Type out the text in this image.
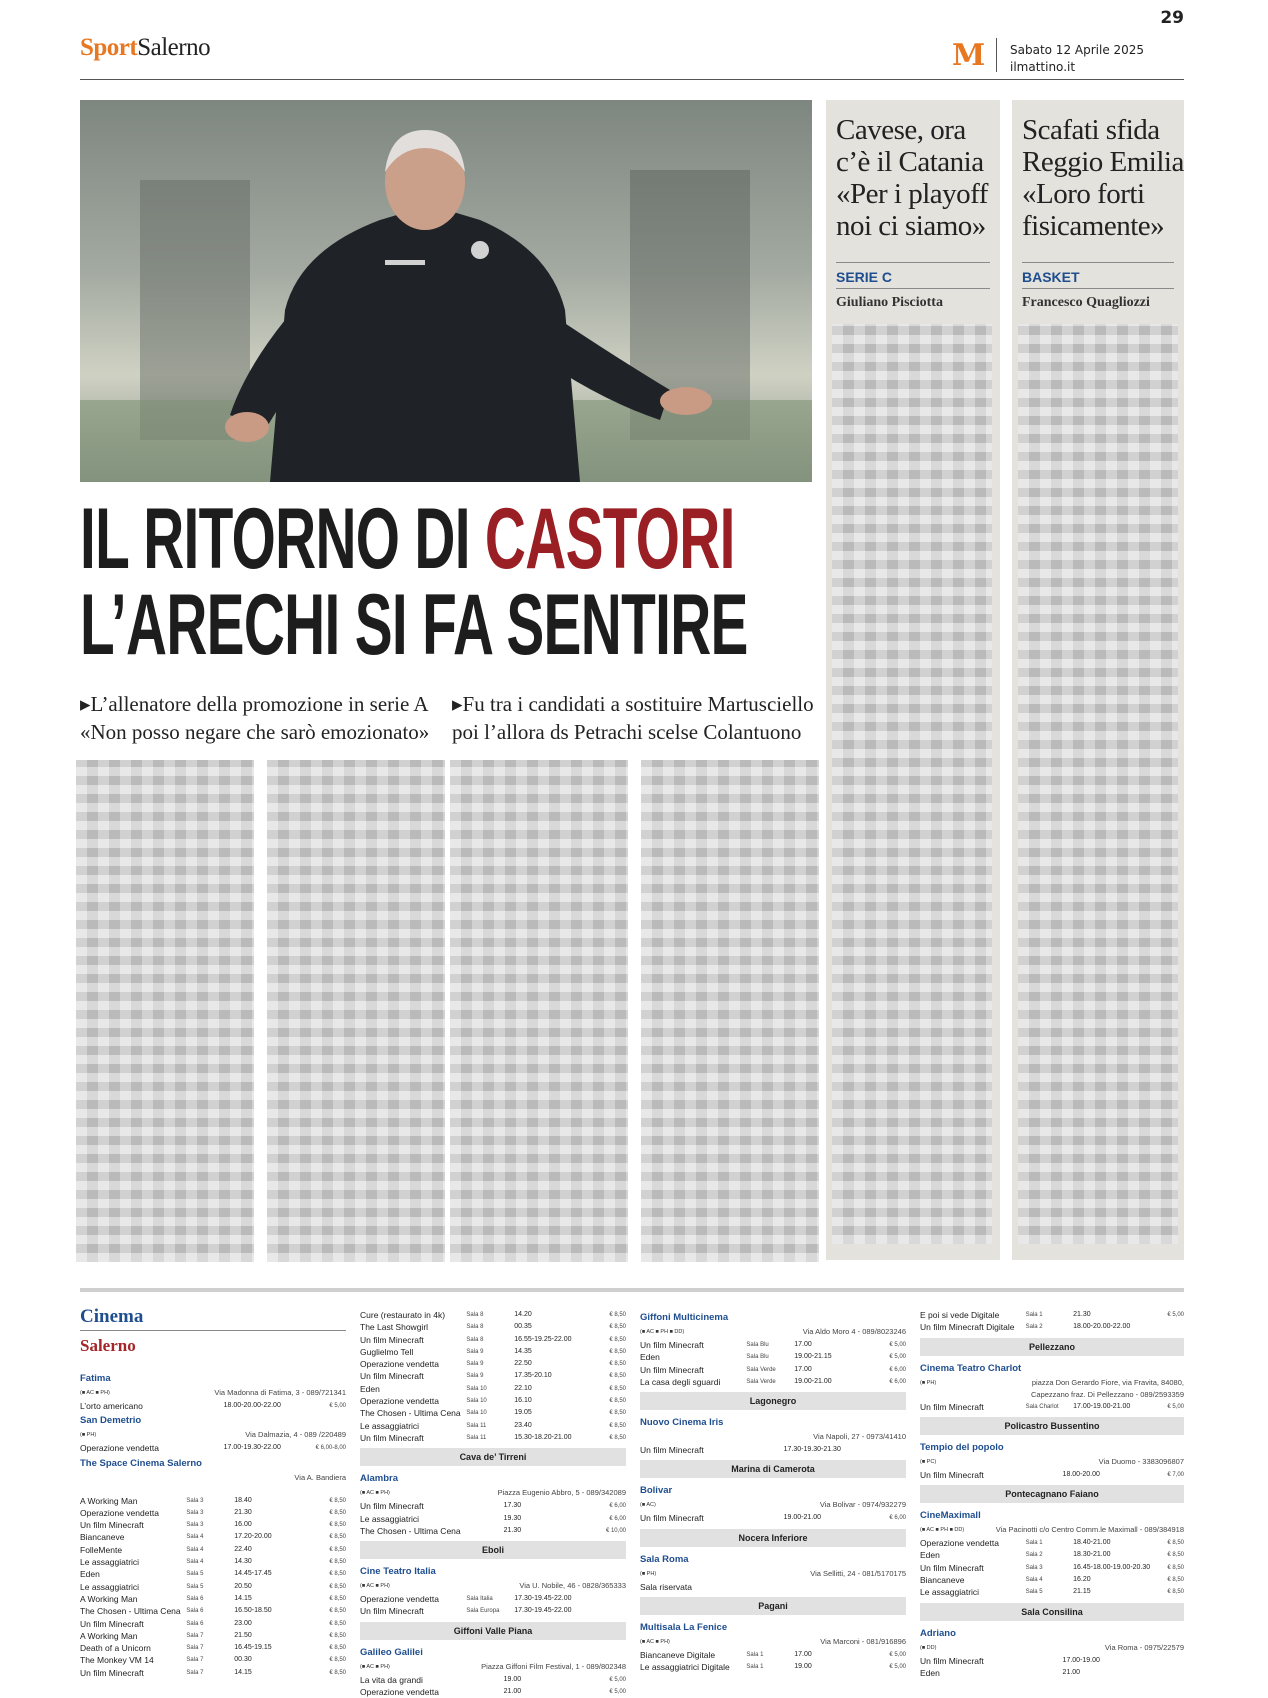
29
SportSalerno	M Sabato 12 Aprile 2025
ilmattino.it
IL RITORNO DI CASTORI
L’ARECHI SI FA SENTIRE
▸L’allenatore della promozione in serie A
«Non posso negare che sarò emozionato»
▸Fu tra i candidati a sostituire Martusciello
poi l’allora ds Petrachi scelse Colantuono
Cavese, ora
c’è il Catania
«Per i playoff
noi ci siamo»
SERIE C
Giuliano Pisciotta
Scafati sfida
Reggio Emilia
«Loro forti
fisicamente»
BASKET
Francesco Quagliozzi
Cinema
Salerno
Fatima
(■ AC ■ PH)	Via Madonna di Fatima, 3 - 089/721341
L’orto americano	18.00-20.00-22.00	€ 5,00
San Demetrio
(■ PH)	Via Dalmazia, 4 - 089 /220489
Operazione vendetta	17.00-19.30-22.00	€ 6,00-8,00
The Space Cinema Salerno
Via A. Bandiera
A Working Man	Sala 3	18.40	€ 8,50
Operazione vendetta	Sala 3	21.30	€ 8,50
Un film Minecraft	Sala 3	16.00	€ 8,50
Biancaneve	Sala 4	17.20-20.00	€ 8,50
FolleMente	Sala 4	22.40	€ 8,50
Le assaggiatrici	Sala 4	14.30	€ 8,50
Eden	Sala 5	14.45-17.45	€ 8,50
Le assaggiatrici	Sala 5	20.50	€ 8,50
A Working Man	Sala 6	14.15	€ 8,50
The Chosen - Ultima Cena Sala 6	16.50-18.50	€ 8,50
Un film Minecraft	Sala 6	23.00	€ 8,50
A Working Man	Sala 7	21.50	€ 8,50
Death of a Unicorn	Sala 7	16.45-19.15	€ 8,50
The Monkey VM 14	Sala 7	00.30	€ 8,50
Un film Minecraft	Sala 7	14.15	€ 8,50
Cure (restaurato in 4k)	Sala 8	14.20	€ 8,50
The Last Showgirl	Sala 8	00.35	€ 8,50
Un film Minecraft	Sala 8	16.55-19.25-22.00	€ 8,50
Guglielmo Tell	Sala 9	14.35	€ 8,50
Operazione vendetta	Sala 9	22.50	€ 8,50
Un film Minecraft	Sala 9	17.35-20.10	€ 8,50
Eden	Sala 10	22.10	€ 8,50
Operazione vendetta	Sala 10	16.10	€ 8,50
The Chosen - Ultima Cena Sala 10	19.05	€ 8,50
Le assaggiatrici	Sala 11	23.40	€ 8,50
Un film Minecraft	Sala 11	15.30-18.20-21.00	€ 8,50
Cava de’ Tirreni
Alambra
(■ AC ■ PH)	Piazza Eugenio Abbro, 5 - 089/342089
Un film Minecraft	17.30	€ 6,00
Le assaggiatrici	19.30	€ 6,00
The Chosen - Ultima Cena	21.30	€ 10,00
Eboli
Cine Teatro Italia
(■ AC ■ PH)	Via U. Nobile, 46 - 0828/365333
Operazione vendetta	Sala Italia	17.30-19.45-22.00
Un film Minecraft	Sala Europa 17.30-19.45-22.00
Giffoni Valle Piana
Galileo Galilei
(■ AC ■ PH)	Piazza Giffoni Film Festival, 1 - 089/802348
La vita da grandi	19.00	€ 5,00
Operazione vendetta	21.00	€ 5,00
Giffoni Multicinema
(■ AC ■ PH ■ DD)	Via Aldo Moro 4 - 089/8023246
Un film Minecraft	Sala Blu	17.00	€ 5,00
Eden	Sala Blu	19.00-21.15	€ 5,00
Un film Minecraft	Sala Verde	17.00	€ 6,00
La casa degli sguardi	Sala Verde	19.00-21.00	€ 6,00
Lagonegro
Nuovo Cinema Iris
Via Napoli, 27 - 0973/41410
Un film Minecraft	17.30-19.30-21.30
Marina di Camerota
Bolivar
(■ AC)	Via Bolivar - 0974/932279
Un film Minecraft	19.00-21.00	€ 6,00
Nocera Inferiore
Sala Roma
(■ PH)	Via Sellitti, 24 - 081/5170175
Sala riservata
Pagani
Multisala La Fenice
(■ AC ■ PH)	Via Marconi - 081/916896
Biancaneve Digitale	Sala 1	17.00	€ 5,00
Le assaggiatrici Digitale	Sala 1	19.00	€ 5,00
E poi si vede Digitale	Sala 1	21.30	€ 5,00
Un film Minecraft Digitale Sala 2	18.00-20.00-22.00
Pellezzano
Cinema Teatro Charlot
(■ PH)	piazza Don Gerardo Fiore, via Fravita, 84080,
Capezzano fraz. Di Pellezzano - 089/2593359
Un film Minecraft	Sala Charlot 17.00-19.00-21.00	€ 5,00
Policastro Bussentino
Tempio del popolo
(■ PC)	Via Duomo - 3383096807
Un film Minecraft	18.00-20.00	€ 7,00
Pontecagnano Faiano
CineMaximall
(■ AC ■ PH ■ DD)	Via Pacinotti c/o Centro Comm.le Maximall - 089/384918
Operazione vendetta	Sala 1	18.40-21.00	€ 8,50
Eden	Sala 2	18.30-21.00	€ 8,50
Un film Minecraft	Sala 3	16.45-18.00-19.00-20.30	€ 8,50
Biancaneve	Sala 4	16.20	€ 8,50
Le assaggiatrici	Sala 5	21.15	€ 8,50
Sala Consilina
Adriano
(■ DD)	Via Roma - 0975/22579
Un film Minecraft	17.00-19.00
Eden	21.00
